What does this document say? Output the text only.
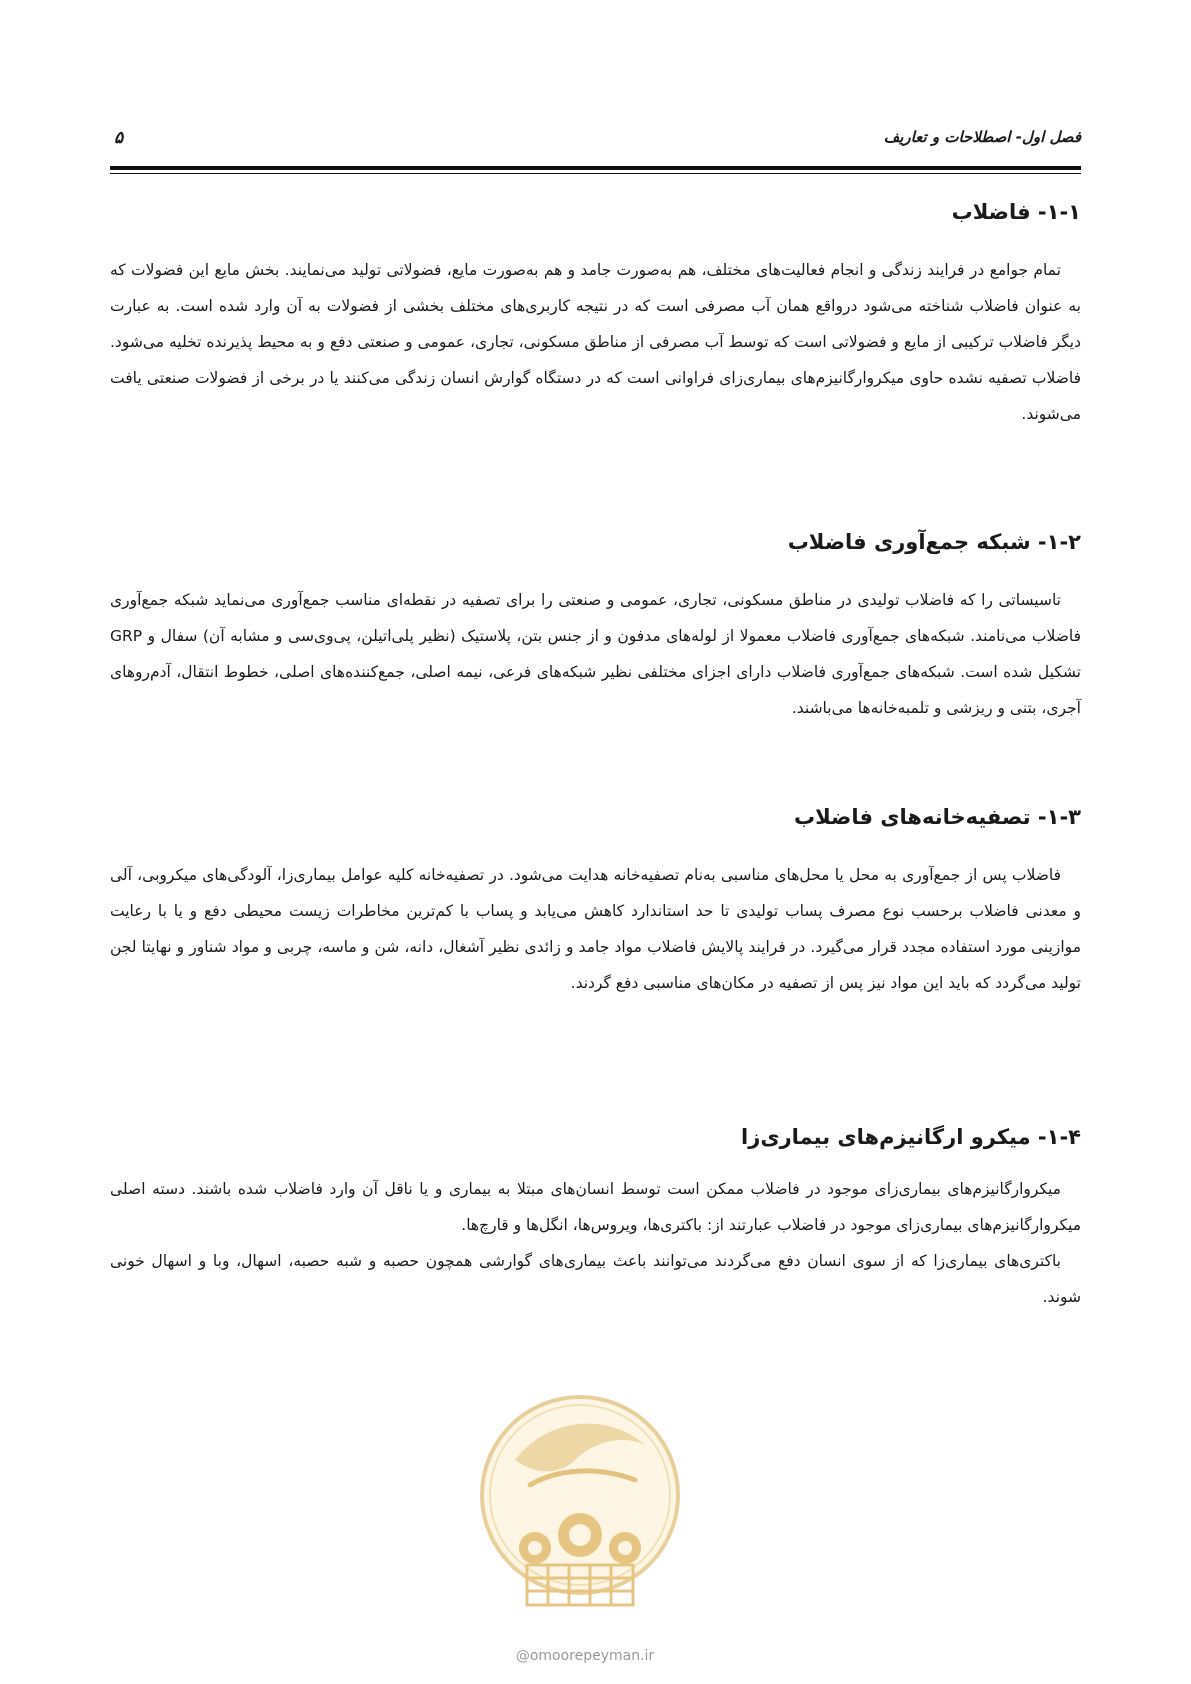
فصل اول- اصطلاحات و تعاریف
۵
۱-۱- فاضلاب

تمام جوامع در فرایند زندگی و انجام فعالیت‌های مختلف، هم به‌صورت جامد و هم به‌صورت مایع، فضولاتی تولید می‌نمایند. بخش مایع این فضولات که به عنوان فاضلاب شناخته می‌شود درواقع همان آب مصرفی است که در نتیجه کاربری‌های مختلف بخشی از فضولات به آن وارد شده است. به عبارت دیگر فاضلاب ترکیبی از مایع و فضولاتی است که توسط آب مصرفی از مناطق مسکونی، تجاری، عمومی و صنعتی دفع و به محیط پذیرنده تخلیه می‌شود. فاضلاب تصفیه نشده حاوی میکروارگانیزم‌های بیماری‌زای فراوانی است که در دستگاه گوارش انسان زندگی می‌کنند یا در برخی از فضولات صنعتی یافت می‌شوند.

۱-۲- شبکه جمع‌آوری فاضلاب

تاسیساتی را که فاضلاب تولیدی در مناطق مسکونی، تجاری، عمومی و صنعتی را برای تصفیه در نقطه‌ای مناسب جمع‌آوری می‌نماید شبکه جمع‌آوری فاضلاب می‌نامند. شبکه‌های جمع‌آوری فاضلاب معمولا از لوله‌های مدفون و از جنس بتن، پلاستیک (نظیر پلی‌اتیلن، پی‌وی‌سی و مشابه آن) سفال و GRP تشکیل شده است. شبکه‌های جمع‌آوری فاضلاب دارای اجزای مختلفی نظیر شبکه‌های فرعی، نیمه اصلی، جمع‌کننده‌های اصلی، خطوط انتقال، آدم‌روهای آجری، بتنی و ریزشی و تلمبه‌خانه‌ها می‌باشند.

۱-۳- تصفیه‌خانه‌های فاضلاب

فاضلاب پس از جمع‌آوری به محل یا محل‌های مناسبی به‌نام تصفیه‌خانه هدایت می‌شود. در تصفیه‌خانه کلیه عوامل بیماری‌زا، آلودگی‌های میکروبی، آلی و معدنی فاضلاب برحسب نوع مصرف پساب تولیدی تا حد استاندارد کاهش می‌یابد و پساب با کم‌ترین مخاطرات زیست محیطی دفع و یا با رعایت موازینی مورد استفاده مجدد قرار می‌گیرد. در فرایند پالایش فاضلاب مواد جامد و زائدی نظیر آشغال، دانه، شن و ماسه، چربی و مواد شناور و نهایتا لجن تولید می‌گردد که باید این مواد نیز پس از تصفیه در مکان‌های مناسبی دفع گردند.

۱-۴- میکرو ارگانیزم‌های بیماری‌زا

میکروارگانیزم‌های بیماری‌زای موجود در فاضلاب ممکن است توسط انسان‌های مبتلا به بیماری و یا ناقل آن وارد فاضلاب شده باشند. دسته اصلی میکروارگانیزم‌های بیماری‌زای موجود در فاضلاب عبارتند از: باکتری‌ها، ویروس‌ها، انگل‌ها و قارچ‌ها.

باکتری‌های بیماری‌زا که از سوی انسان دفع می‌گردند می‌توانند باعث بیماری‌های گوارشی همچون حصبه و شبه حصبه، اسهال، وبا و اسهال خونی شوند.

@omoorepeyman.ir
